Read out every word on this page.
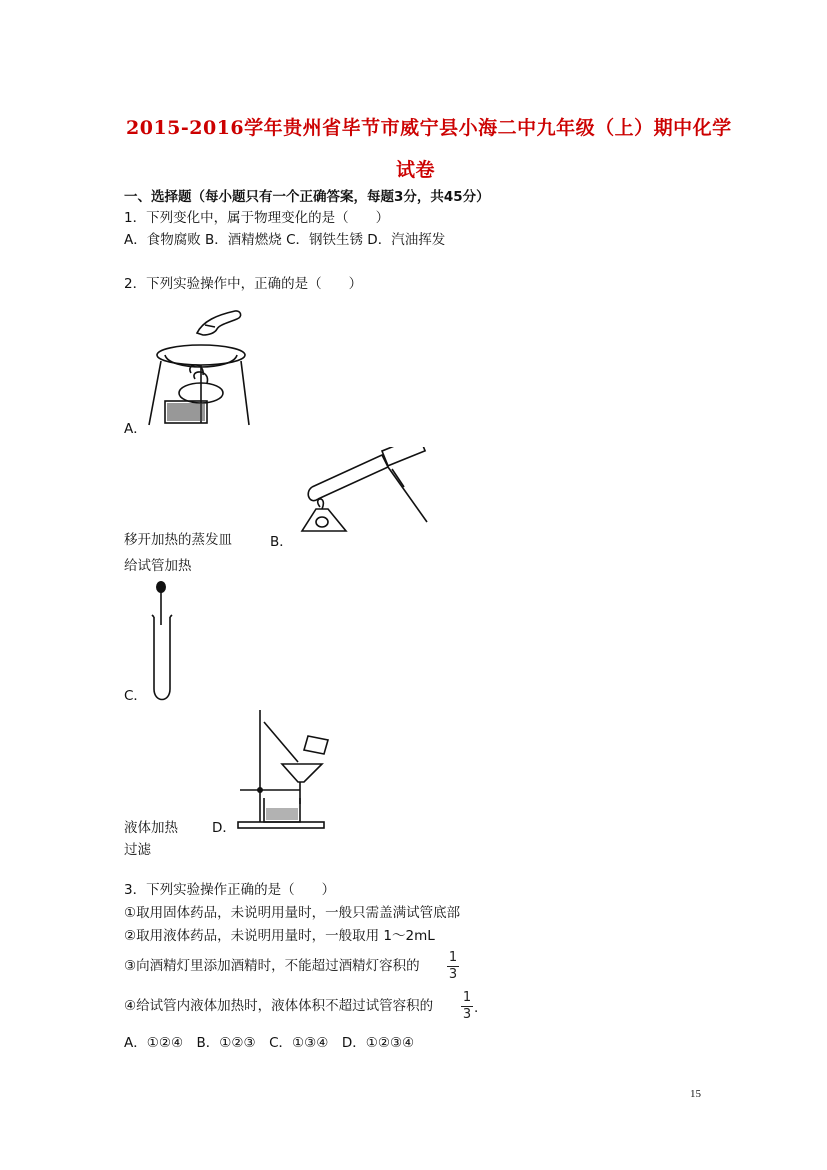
2015-2016学年贵州省毕节市威宁县小海二中九年级（上）期中化学
试卷
一、选择题（每小题只有一个正确答案，每题3分，共45分）
1．下列变化中，属于物理变化的是（　　）
A．食物腐败 B．酒精燃烧 C．钢铁生锈 D．汽油挥发
2．下列实验操作中，正确的是（　　）
A．
移开加热的蒸发皿	B．
给试管加热
C．
液体加热	D．
过滤
3．下列实验操作正确的是（　　）
①取用固体药品，未说明用量时，一般只需盖满试管底部
②取用液体药品，未说明用量时，一般取用 1～2mL
③向酒精灯里添加酒精时，不能超过酒精灯容积的
1
3
④给试管内液体加热时，液体体积不超过试管容积的
1
3 .
A．①②④　B．①②③　C．①③④　D．①②③④
15
